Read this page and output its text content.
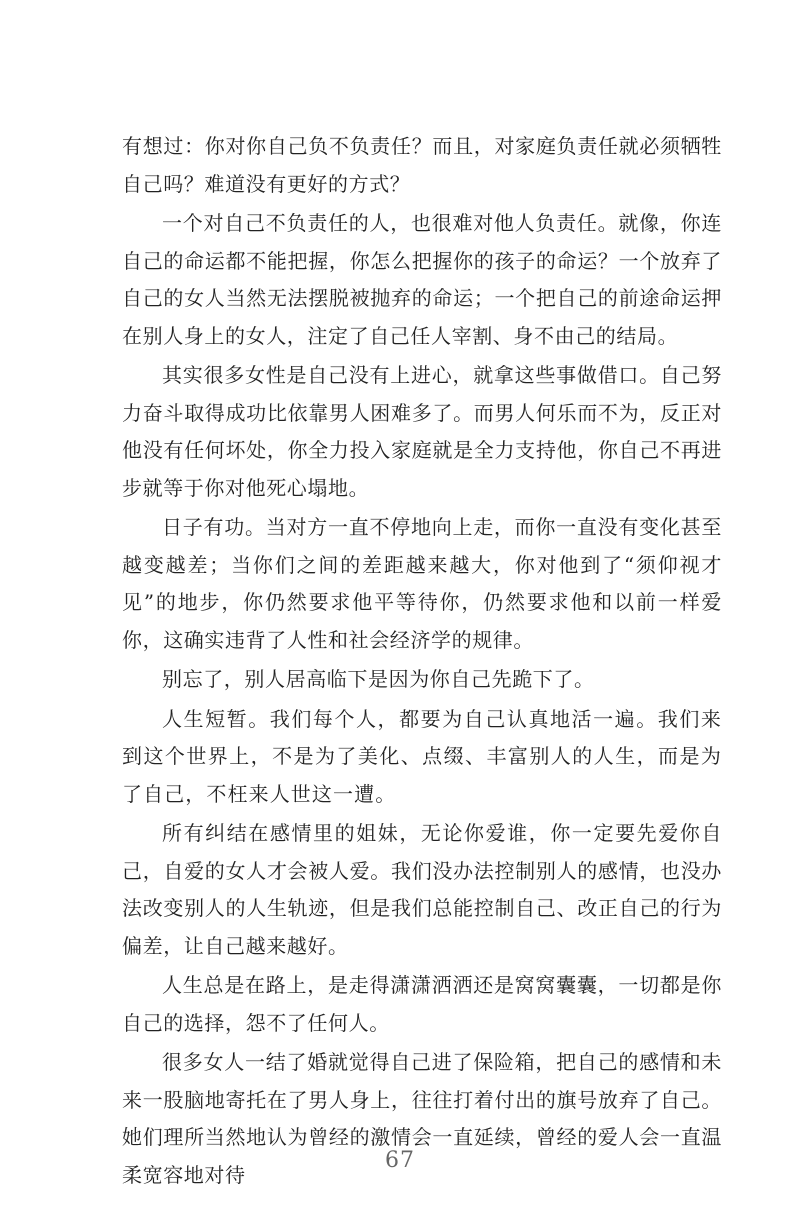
有想过：你对你自己负不负责任？而且，对家庭负责任就必须牺牲自己吗？难道没有更好的方式？

一个对自己不负责任的人，也很难对他人负责任。就像，你连自己的命运都不能把握，你怎么把握你的孩子的命运？一个放弃了自己的女人当然无法摆脱被抛弃的命运；一个把自己的前途命运押在别人身上的女人，注定了自己任人宰割、身不由己的结局。

其实很多女性是自己没有上进心，就拿这些事做借口。自己努力奋斗取得成功比依靠男人困难多了。而男人何乐而不为，反正对他没有任何坏处，你全力投入家庭就是全力支持他，你自己不再进步就等于你对他死心塌地。

日子有功。当对方一直不停地向上走，而你一直没有变化甚至越变越差；当你们之间的差距越来越大，你对他到了“须仰视才见”的地步，你仍然要求他平等待你，仍然要求他和以前一样爱你，这确实违背了人性和社会经济学的规律。

别忘了，别人居高临下是因为你自己先跪下了。

人生短暂。我们每个人，都要为自己认真地活一遍。我们来到这个世界上，不是为了美化、点缀、丰富别人的人生，而是为了自己，不枉来人世这一遭。

所有纠结在感情里的姐妹，无论你爱谁，你一定要先爱你自己，自爱的女人才会被人爱。我们没办法控制别人的感情，也没办法改变别人的人生轨迹，但是我们总能控制自己、改正自己的行为偏差，让自己越来越好。

人生总是在路上，是走得潇潇洒洒还是窝窝囊囊，一切都是你自己的选择，怨不了任何人。

很多女人一结了婚就觉得自己进了保险箱，把自己的感情和未来一股脑地寄托在了男人身上，往往打着付出的旗号放弃了自己。她们理所当然地认为曾经的激情会一直延续，曾经的爱人会一直温柔宽容地对待

67
